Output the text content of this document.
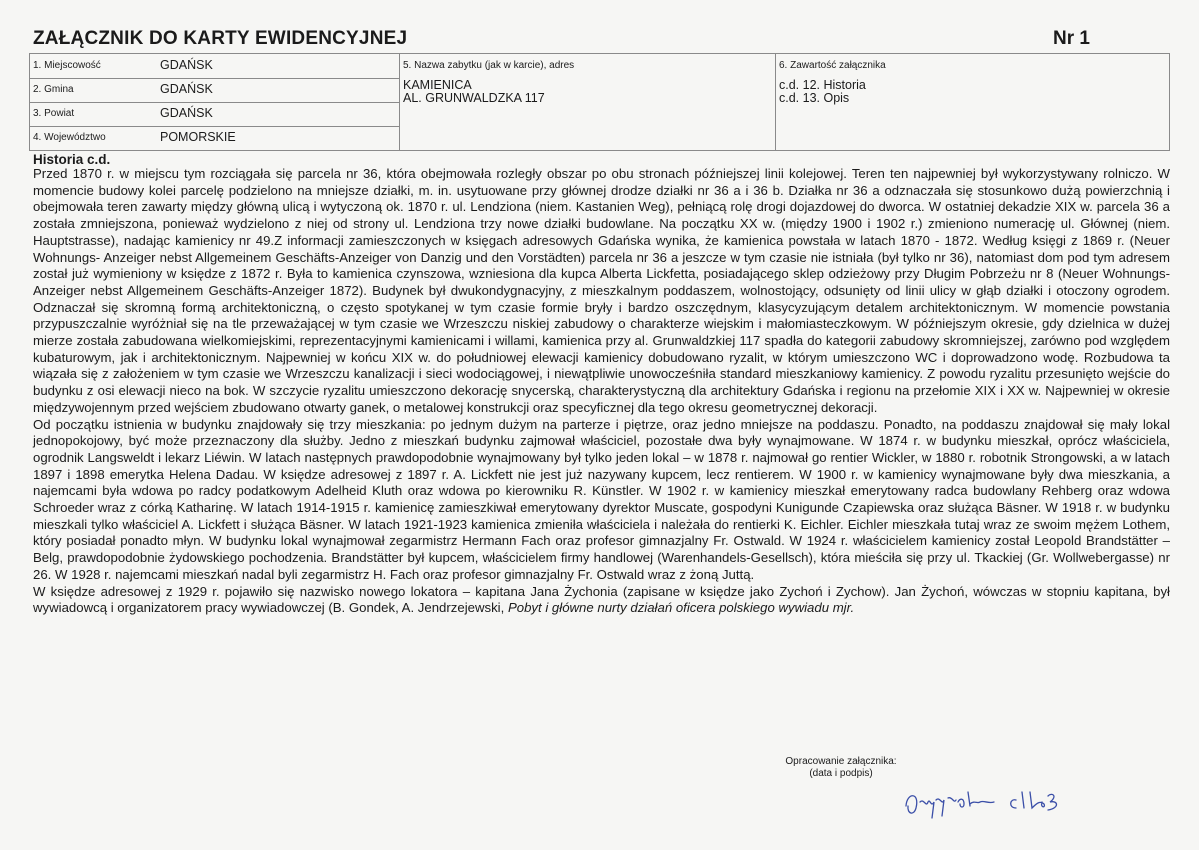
ZAŁĄCZNIK DO KARTY EWIDENCYJNEJ	Nr 1
1. Miejscowość	GDAŃSK
2. Gmina	GDAŃSK
3. Powiat	GDAŃSK
4. Województwo	POMORSKIE
5. Nazwa zabytku (jak w karcie), adres
KAMIENICA
AL. GRUNWALDZKA 117
6. Zawartość załącznika
c.d. 12. Historia
c.d. 13. Opis
Historia c.d.

Przed 1870 r. w miejscu tym rozciągała się parcela nr 36, która obejmowała rozległy obszar po obu stronach późniejszej linii kolejowej. Teren ten najpewniej był wykorzystywany rolniczo. W momencie budowy kolei parcelę podzielono na mniejsze działki, m. in. usytuowane przy głównej drodze działki nr 36 a i 36 b. Działka nr 36 a odznaczała się stosunkowo dużą powierzchnią i obejmowała teren zawarty między główną ulicą i wytyczoną ok. 1870 r. ul. Lendziona (niem. Kastanien Weg), pełniącą rolę drogi dojazdowej do dworca. W ostatniej dekadzie XIX w. parcela 36 a została zmniejszona, ponieważ wydzielono z niej od strony ul. Lendziona trzy nowe działki budowlane. Na początku XX w. (między 1900 i 1902 r.) zmieniono numerację ul. Głównej (niem. Hauptstrasse), nadając kamienicy nr 49.Z informacji zamieszczonych w księgach adresowych Gdańska wynika, że kamienica powstała w latach 1870 - 1872. Według księgi z 1869 r. (Neuer Wohnungs- Anzeiger nebst Allgemeinem Geschäfts-Anzeiger von Danzig und den Vorstädten) parcela nr 36 a jeszcze w tym czasie nie istniała (był tylko nr 36), natomiast dom pod tym adresem został już wymieniony w księdze z 1872 r. Była to kamienica czynszowa, wzniesiona dla kupca Alberta Lickfetta, posiadającego sklep odzieżowy przy Długim Pobrzeżu nr 8 (Neuer Wohnungs- Anzeiger nebst Allgemeinem Geschäfts-Anzeiger 1872). Budynek był dwukondygnacyjny, z mieszkalnym poddaszem, wolnostojący, odsunięty od linii ulicy w głąb działki i otoczony ogrodem. Odznaczał się skromną formą architektoniczną, o często spotykanej w tym czasie formie bryły i bardzo oszczędnym, klasycyzującym detalem architektonicznym. W momencie powstania przypuszczalnie wyróżniał się na tle przeważającej w tym czasie we Wrzeszczu niskiej zabudowy o charakterze wiejskim i małomiasteczkowym. W późniejszym okresie, gdy dzielnica w dużej mierze została zabudowana wielkomiejskimi, reprezentacyjnymi kamienicami i willami, kamienica przy al. Grunwaldzkiej 117 spadła do kategorii zabudowy skromniejszej, zarówno pod względem kubaturowym, jak i architektonicznym. Najpewniej w końcu XIX w. do południowej elewacji kamienicy dobudowano ryzalit, w którym umieszczono WC i doprowadzono wodę. Rozbudowa ta wiązała się z założeniem w tym czasie we Wrzeszczu kanalizacji i sieci wodociągowej, i niewątpliwie unowocześniła standard mieszkaniowy kamienicy. Z powodu ryzalitu przesunięto wejście do budynku z osi elewacji nieco na bok. W szczycie ryzalitu umieszczono dekorację snycerską, charakterystyczną dla architektury Gdańska i regionu na przełomie XIX i XX w. Najpewniej w okresie międzywojennym przed wejściem zbudowano otwarty ganek, o metalowej konstrukcji oraz specyficznej dla tego okresu geometrycznej dekoracji.

Od początku istnienia w budynku znajdowały się trzy mieszkania: po jednym dużym na parterze i piętrze, oraz jedno mniejsze na poddaszu. Ponadto, na poddaszu znajdował się mały lokal jednopokojowy, być może przeznaczony dla służby. Jedno z mieszkań budynku zajmował właściciel, pozostałe dwa były wynajmowane. W 1874 r. w budynku mieszkał, oprócz właściciela, ogrodnik Langsweldt i lekarz Liéwin. W latach następnych prawdopodobnie wynajmowany był tylko jeden lokal – w 1878 r. najmował go rentier Wickler, w 1880 r. robotnik Strongowski, a w latach 1897 i 1898 emerytka Helena Dadau. W księdze adresowej z 1897 r. A. Lickfett nie jest już nazywany kupcem, lecz rentierem. W 1900 r. w kamienicy wynajmowane były dwa mieszkania, a najemcami była wdowa po radcy podatkowym Adelheid Kluth oraz wdowa po kierowniku R. Künstler. W 1902 r. w kamienicy mieszkał emerytowany radca budowlany Rehberg oraz wdowa Schroeder wraz z córką Katharinę. W latach 1914-1915 r. kamienicę zamieszkiwał emerytowany dyrektor Muscate, gospodyni Kunigunde Czapiewska oraz służąca Bäsner. W 1918 r. w budynku mieszkali tylko właściciel A. Lickfett i służąca Bäsner. W latach 1921-1923 kamienica zmieniła właściciela i należała do rentierki K. Eichler. Eichler mieszkała tutaj wraz ze swoim mężem Lothem, który posiadał ponadto młyn. W budynku lokal wynajmował zegarmistrz Hermann Fach oraz profesor gimnazjalny Fr. Ostwald. W 1924 r. właścicielem kamienicy został Leopold Brandstätter – Belg, prawdopodobnie żydowskiego pochodzenia. Brandstätter był kupcem, właścicielem firmy handlowej (Warenhandels-Gesellsch), która mieściła się przy ul. Tkackiej (Gr. Wollwebergasse) nr 26. W 1928 r. najemcami mieszkań nadal byli zegarmistrz H. Fach oraz profesor gimnazjalny Fr. Ostwald wraz z żoną Juttą.

W księdze adresowej z 1929 r. pojawiło się nazwisko nowego lokatora – kapitana Jana Żychonia (zapisane w księdze jako Zychoń i Zychow). Jan Żychoń, wówczas w stopniu kapitana, był wywiadowcą i organizatorem pracy wywiadowczej (B. Gondek, A. Jendrzejewski, Pobyt i główne nurty działań oficera polskiego wywiadu mjr.

Opracowanie załącznika:
(data i podpis)
